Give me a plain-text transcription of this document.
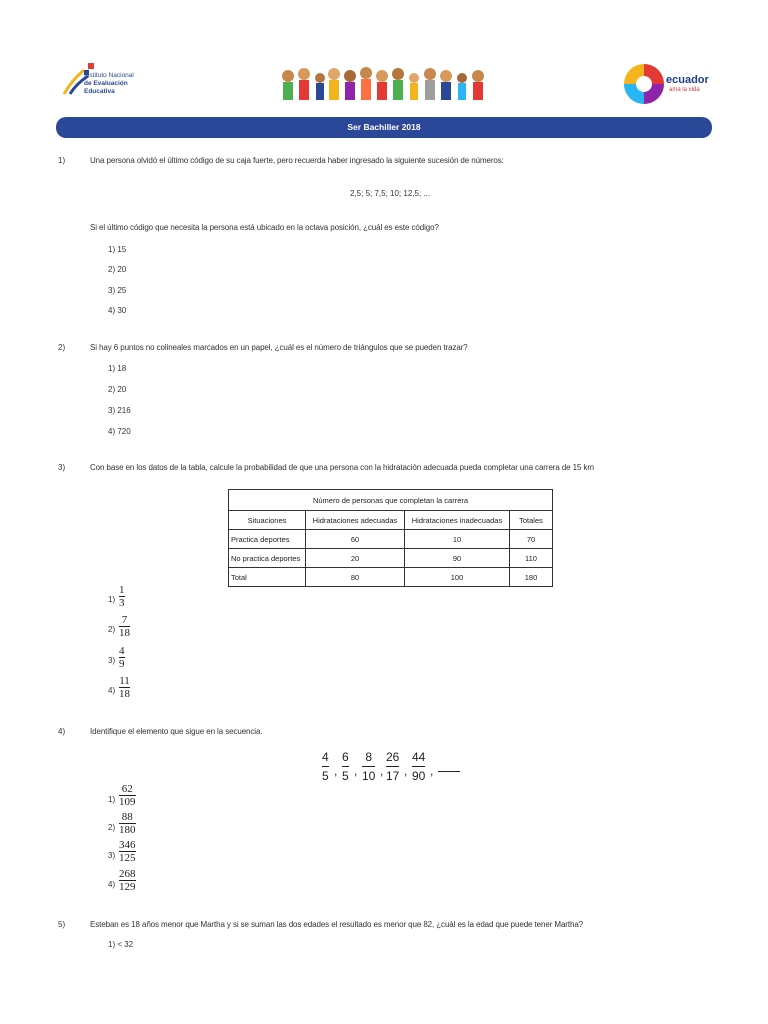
Instituto Nacional
de Evaluación
Educativa
ecuador
ama la vida
Ser Bachiller 2018
1)	Una persona olvidó el último código de su caja fuerte, pero recuerda haber ingresado la siguiente sucesión de números:
2,5; 5; 7,5; 10; 12,5; ...
Si el último código que necesita la persona está ubicado en la octava posición, ¿cuál es este código?
1) 15
2) 20
3) 25
4) 30
2)	Si hay 6 puntos no colineales marcados en un papel, ¿cuál es el número de triángulos que se pueden trazar?
1) 18
2) 20
3) 216
4) 720
3)	Con base en los datos de la tabla, calcule la probabilidad de que una persona con la hidratación adecuada pueda completar una carrera de 15 km
Número de personas que completan la carrera			
Situaciones	Hidrataciones adecuadas	Hidrataciones inadecuadas	Totales
Practica deportes	60	10	70
No practica deportes	20	90	110
Total	80	100	180
1)
1
3
2)
7
18
3)
4
9
4)
11
18
4)	Identifique el elemento que sigue en la secuencia.
4
5 ,
6
5 ,
8
10 ,
26
17 ,
44
90 ,
1)
62
109
2)
88
180
3)
346
125
4)
268
129
5)	Esteban es 18 años menor que Martha y si se suman las dos edades el resultado es menor que 82, ¿cuál es la edad que puede tener Martha?
1) < 32
